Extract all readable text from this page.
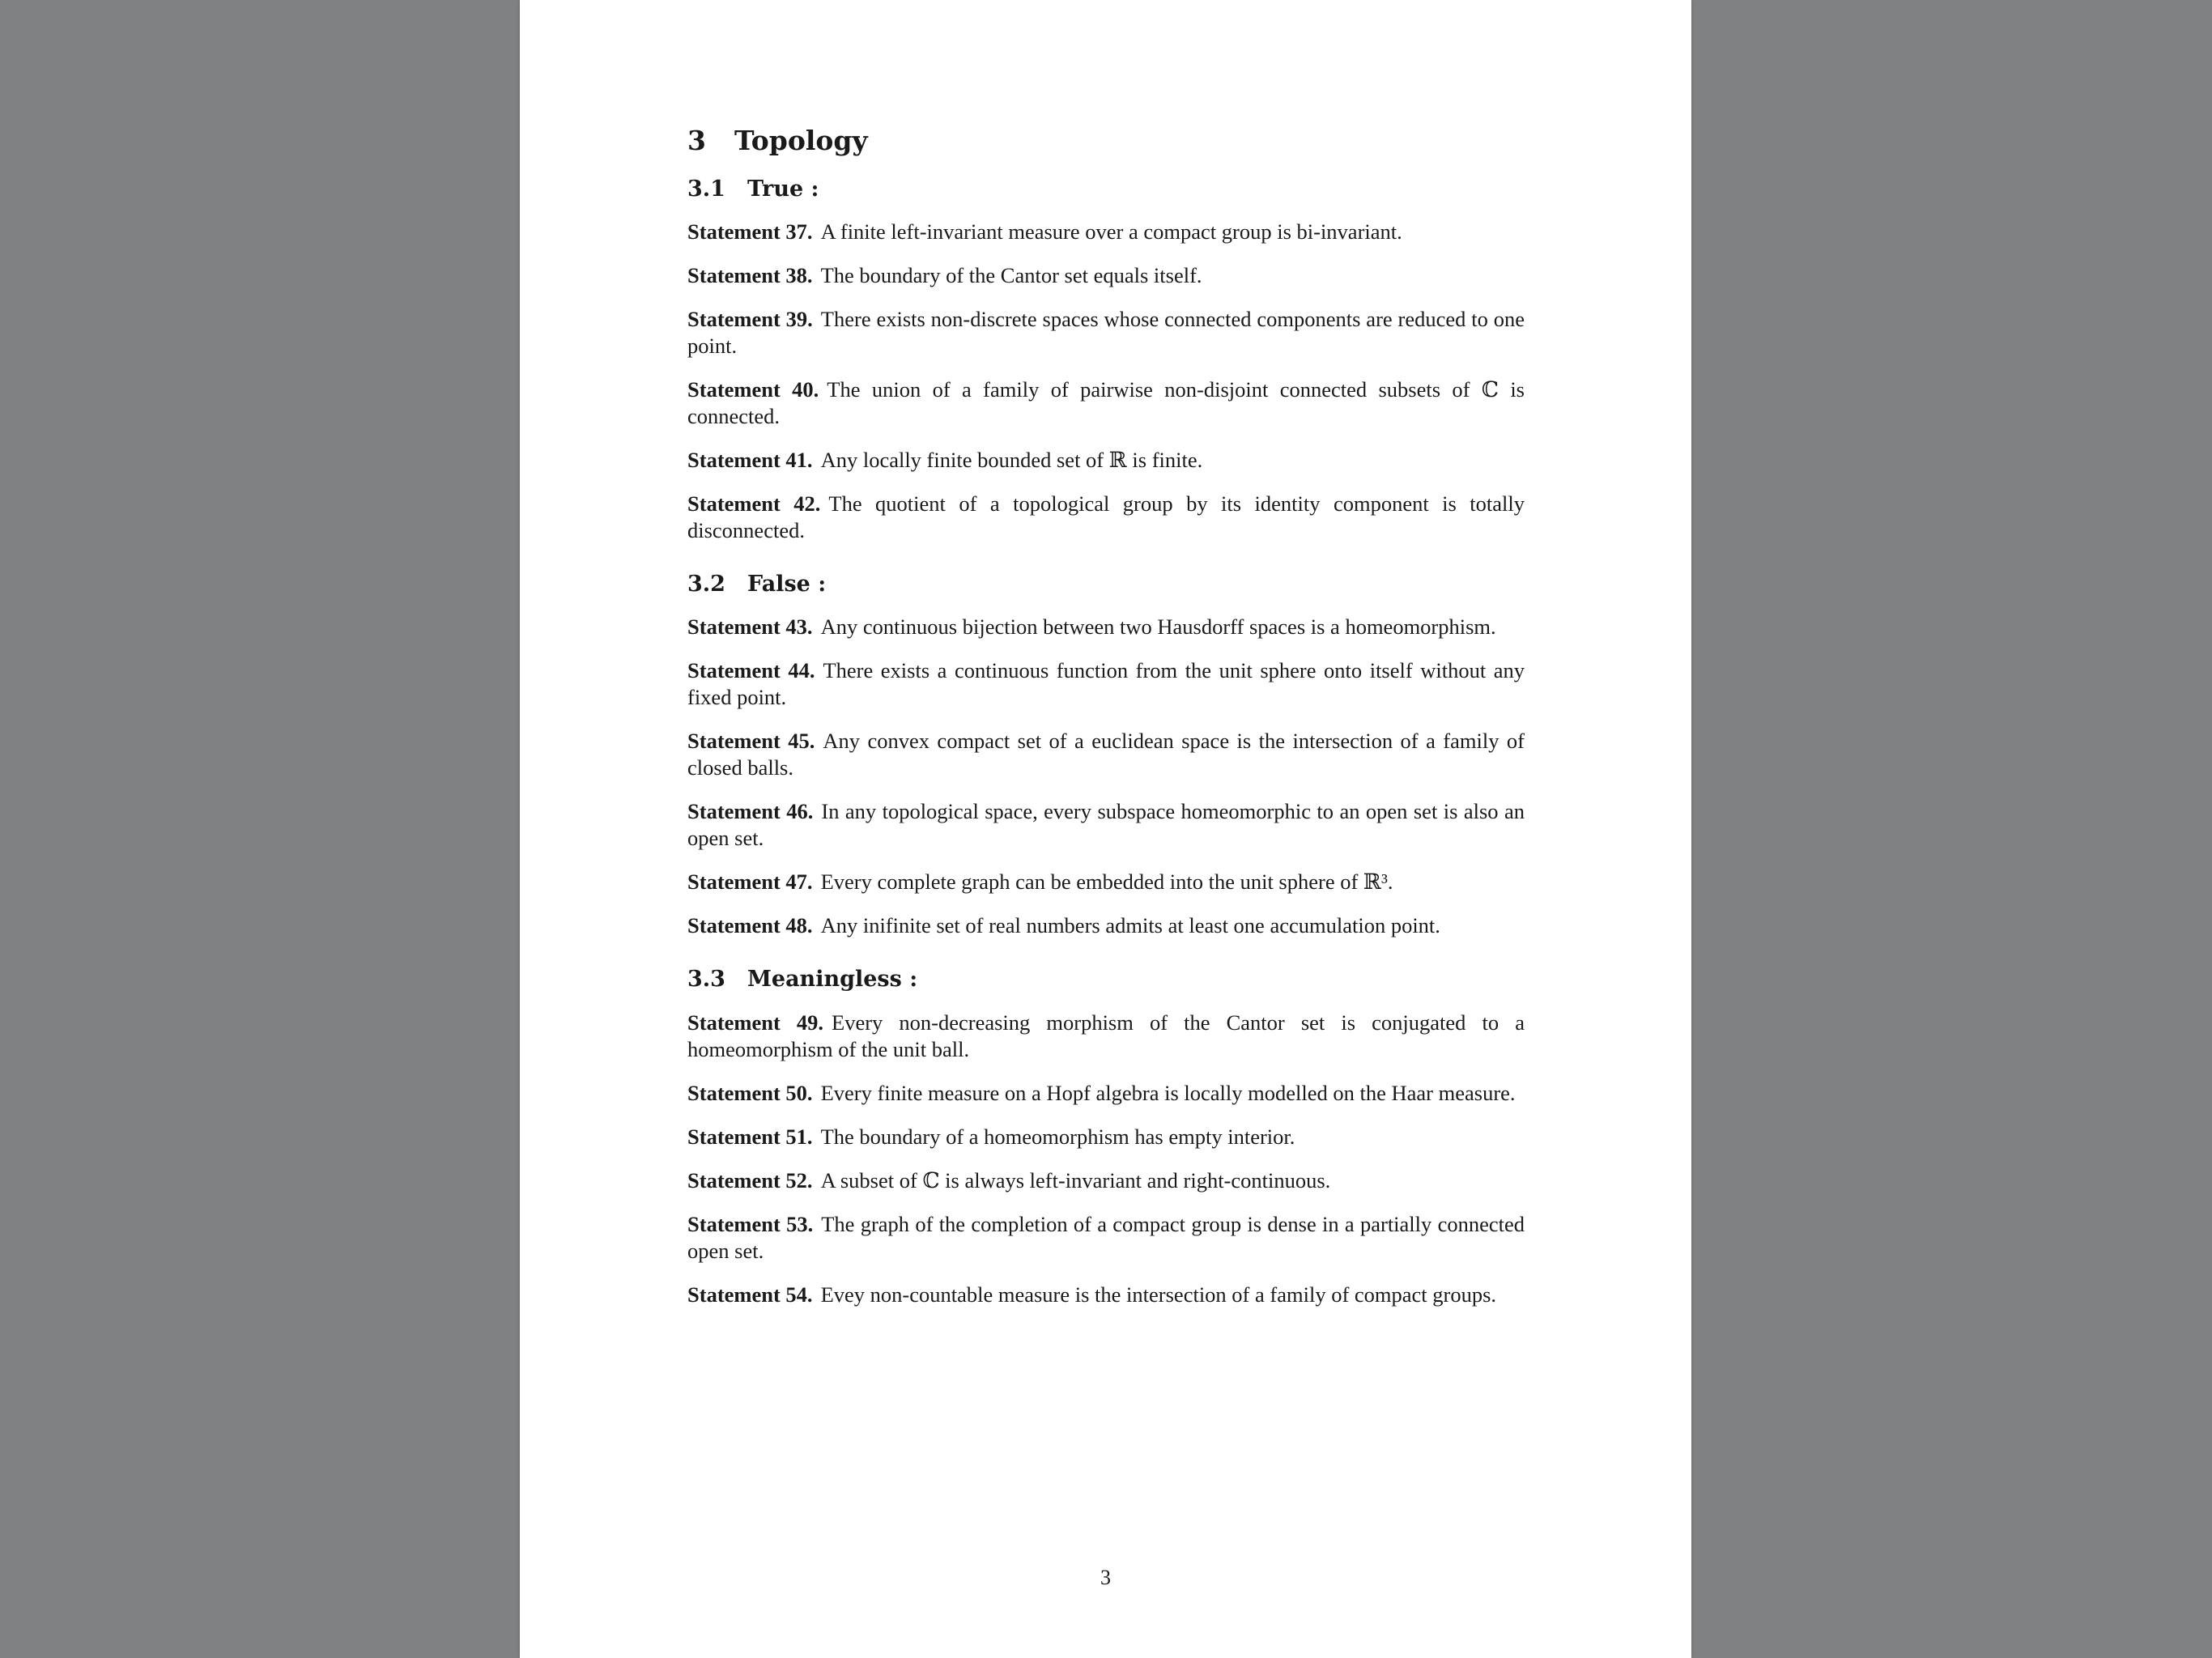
3 Topology
3.1 True :

Statement 37. A finite left-invariant measure over a compact group is bi-invariant.

Statement 38. The boundary of the Cantor set equals itself.

Statement 39. There exists non-discrete spaces whose connected components are reduced to one point.

Statement 40. The union of a family of pairwise non-disjoint connected subsets of ℂ is connected.

Statement 41. Any locally finite bounded set of ℝ is finite.

Statement 42. The quotient of a topological group by its identity component is totally disconnected.

3.2 False :

Statement 43. Any continuous bijection between two Hausdorff spaces is a homeomorphism.

Statement 44. There exists a continuous function from the unit sphere onto itself without any fixed point.

Statement 45. Any convex compact set of a euclidean space is the intersection of a family of closed balls.

Statement 46. In any topological space, every subspace homeomorphic to an open set is also an open set.

Statement 47. Every complete graph can be embedded into the unit sphere of ℝ³.

Statement 48. Any inifinite set of real numbers admits at least one accumulation point.

3.3 Meaningless :

Statement 49. Every non-decreasing morphism of the Cantor set is conjugated to a homeomorphism of the unit ball.

Statement 50. Every finite measure on a Hopf algebra is locally modelled on the Haar measure.

Statement 51. The boundary of a homeomorphism has empty interior.

Statement 52. A subset of ℂ is always left-invariant and right-continuous.

Statement 53. The graph of the completion of a compact group is dense in a partially connected open set.

Statement 54. Evey non-countable measure is the intersection of a family of compact groups.

3
